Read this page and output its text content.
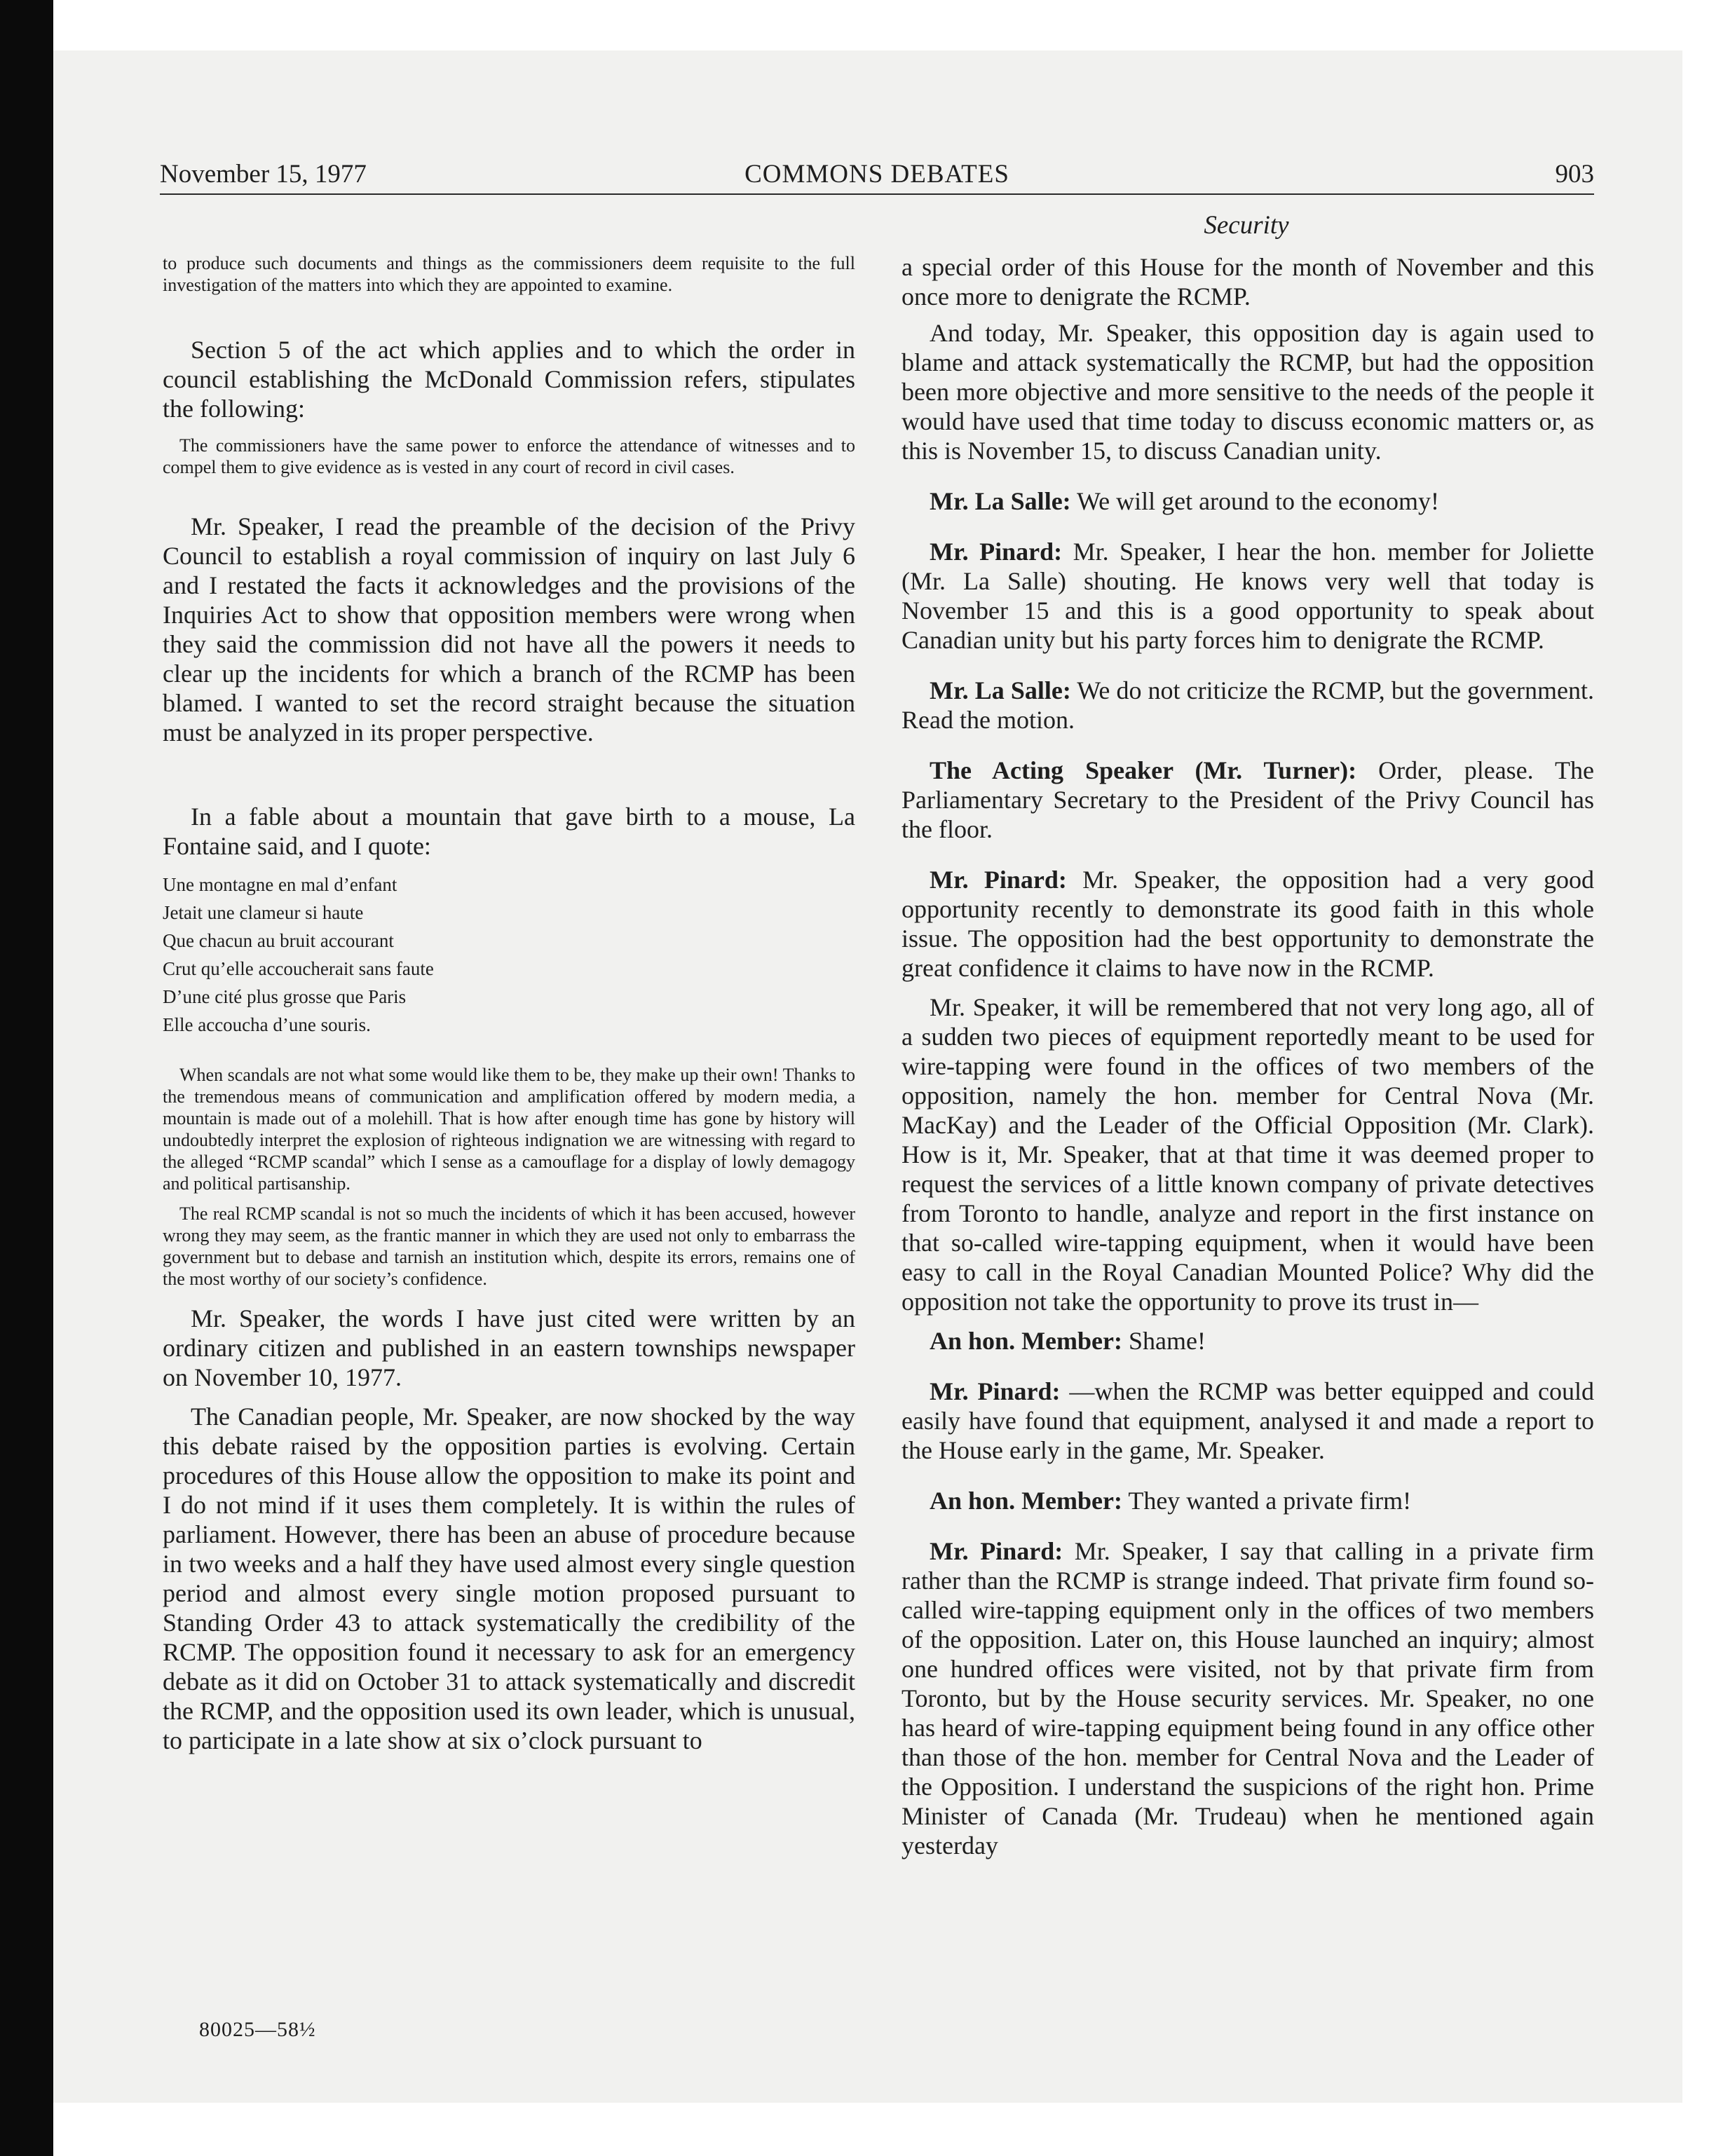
November 15, 1977	COMMONS DEBATES	903
Security

to produce such documents and things as the commissioners deem requisite to the full investigation of the matters into which they are appointed to examine.

Section 5 of the act which applies and to which the order in council establishing the McDonald Commission refers, stipulates the following:

The commissioners have the same power to enforce the attendance of witnesses and to compel them to give evidence as is vested in any court of record in civil cases.

Mr. Speaker, I read the preamble of the decision of the Privy Council to establish a royal commission of inquiry on last July 6 and I restated the facts it acknowledges and the provisions of the Inquiries Act to show that opposition members were wrong when they said the commission did not have all the powers it needs to clear up the incidents for which a branch of the RCMP has been blamed. I wanted to set the record straight because the situation must be analyzed in its proper perspective.

In a fable about a mountain that gave birth to a mouse, La Fontaine said, and I quote:

Une montagne en mal d’enfant
Jetait une clameur si haute
Que chacun au bruit accourant
Crut qu’elle accoucherait sans faute
D’une cité plus grosse que Paris
Elle accoucha d’une souris.

When scandals are not what some would like them to be, they make up their own! Thanks to the tremendous means of communication and amplification offered by modern media, a mountain is made out of a molehill. That is how after enough time has gone by history will undoubtedly interpret the explosion of righteous indignation we are witnessing with regard to the alleged “RCMP scandal” which I sense as a camouflage for a display of lowly demagogy and political partisanship.

The real RCMP scandal is not so much the incidents of which it has been accused, however wrong they may seem, as the frantic manner in which they are used not only to embarrass the government but to debase and tarnish an institution which, despite its errors, remains one of the most worthy of our society’s confidence.

Mr. Speaker, the words I have just cited were written by an ordinary citizen and published in an eastern townships newspaper on November 10, 1977.

The Canadian people, Mr. Speaker, are now shocked by the way this debate raised by the opposition parties is evolving. Certain procedures of this House allow the opposition to make its point and I do not mind if it uses them completely. It is within the rules of parliament. However, there has been an abuse of procedure because in two weeks and a half they have used almost every single question period and almost every single motion proposed pursuant to Standing Order 43 to attack systematically the credibility of the RCMP. The opposition found it necessary to ask for an emergency debate as it did on October 31 to attack systematically and discredit the RCMP, and the opposition used its own leader, which is unusual, to participate in a late show at six o’clock pursuant to

a special order of this House for the month of November and this once more to denigrate the RCMP.

And today, Mr. Speaker, this opposition day is again used to blame and attack systematically the RCMP, but had the opposition been more objective and more sensitive to the needs of the people it would have used that time today to discuss economic matters or, as this is November 15, to discuss Canadian unity.

Mr. La Salle: We will get around to the economy!

Mr. Pinard: Mr. Speaker, I hear the hon. member for Joliette (Mr. La Salle) shouting. He knows very well that today is November 15 and this is a good opportunity to speak about Canadian unity but his party forces him to denigrate the RCMP.

Mr. La Salle: We do not criticize the RCMP, but the government. Read the motion.

The Acting Speaker (Mr. Turner): Order, please. The Parliamentary Secretary to the President of the Privy Council has the floor.

Mr. Pinard: Mr. Speaker, the opposition had a very good opportunity recently to demonstrate its good faith in this whole issue. The opposition had the best opportunity to demonstrate the great confidence it claims to have now in the RCMP.

Mr. Speaker, it will be remembered that not very long ago, all of a sudden two pieces of equipment reportedly meant to be used for wire-tapping were found in the offices of two members of the opposition, namely the hon. member for Central Nova (Mr. MacKay) and the Leader of the Official Opposition (Mr. Clark). How is it, Mr. Speaker, that at that time it was deemed proper to request the services of a little known company of private detectives from Toronto to handle, analyze and report in the first instance on that so-called wire-tapping equipment, when it would have been easy to call in the Royal Canadian Mounted Police? Why did the opposition not take the opportunity to prove its trust in—

An hon. Member: Shame!

Mr. Pinard: —when the RCMP was better equipped and could easily have found that equipment, analysed it and made a report to the House early in the game, Mr. Speaker.

An hon. Member: They wanted a private firm!

Mr. Pinard: Mr. Speaker, I say that calling in a private firm rather than the RCMP is strange indeed. That private firm found so-called wire-tapping equipment only in the offices of two members of the opposition. Later on, this House launched an inquiry; almost one hundred offices were visited, not by that private firm from Toronto, but by the House security services. Mr. Speaker, no one has heard of wire-tapping equipment being found in any office other than those of the hon. member for Central Nova and the Leader of the Opposition. I understand the suspicions of the right hon. Prime Minister of Canada (Mr. Trudeau) when he mentioned again yesterday

80025—58½
